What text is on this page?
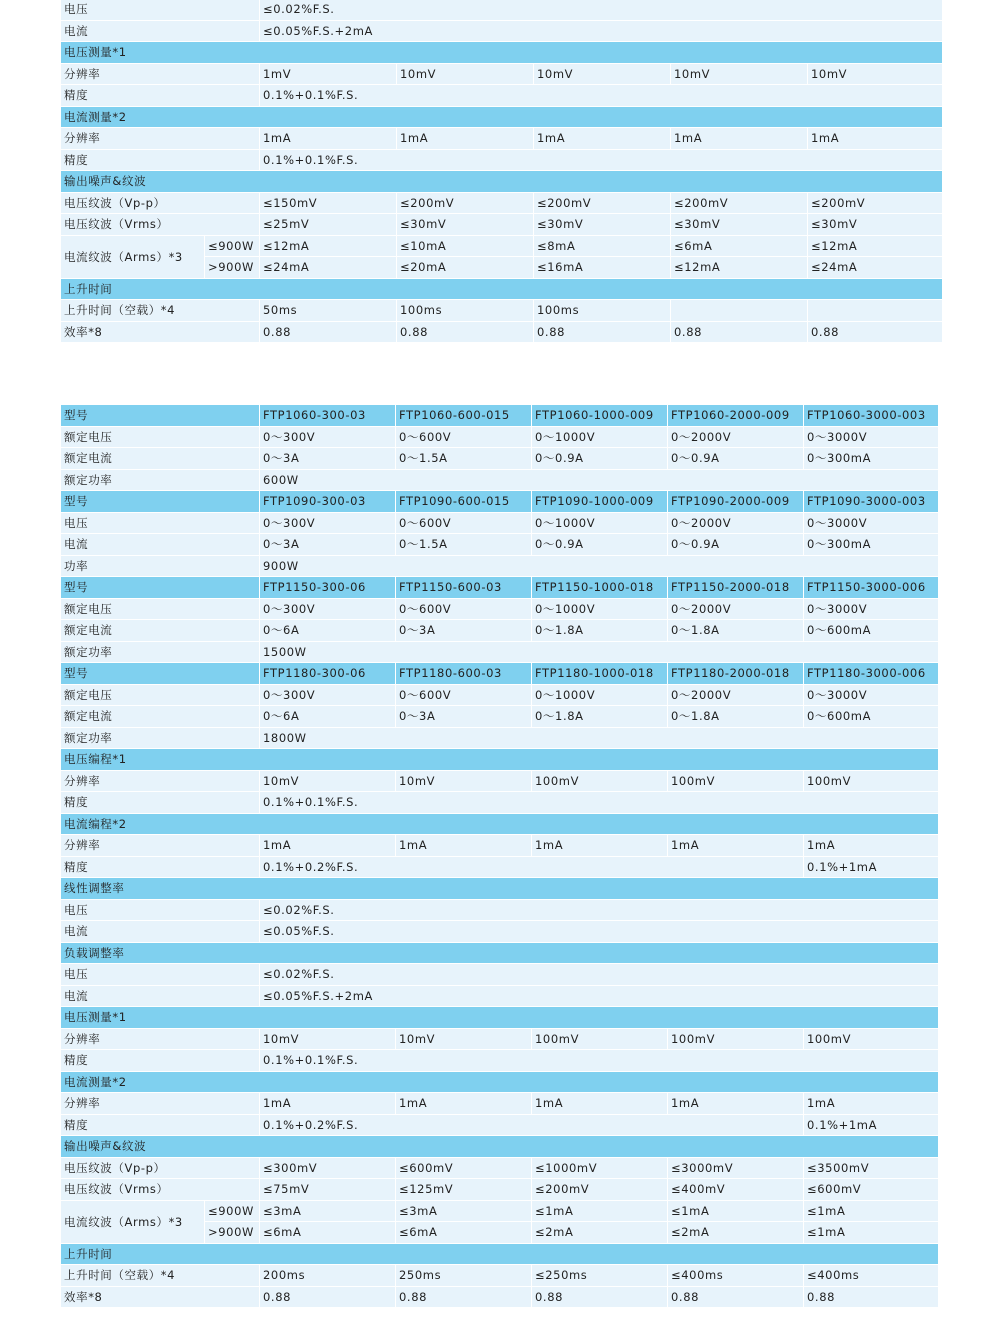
电压		≤0.02%F.S.				
电流		≤0.05%F.S.+2mA				
电压测量*1						
分辨率		1mV	10mV	10mV	10mV	10mV
精度		0.1%+0.1%F.S.				
电流测量*2						
分辨率		1mA	1mA	1mA	1mA	1mA
精度		0.1%+0.1%F.S.				
输出噪声&纹波						
电压纹波（Vp-p）		≤150mV	≤200mV	≤200mV	≤200mV	≤200mV
电压纹波（Vrms）		≤25mV	≤30mV	≤30mV	≤30mV	≤30mV
电流纹波（Arms）*3	≤900W	≤12mA	≤10mA	≤8mA	≤6mA	≤12mA
	>900W	≤24mA	≤20mA	≤16mA	≤12mA	≤24mA
上升时间						
上升时间（空载）*4		50ms	100ms	100ms		
效率*8		0.88	0.88	0.88	0.88	0.88
型号		FTP1060-300-03	FTP1060-600-015	FTP1060-1000-009	FTP1060-2000-009	FTP1060-3000-003
额定电压		0～300V	0～600V	0～1000V	0～2000V	0～3000V
额定电流		0～3A	0～1.5A	0～0.9A	0～0.9A	0～300mA
额定功率		600W				
型号		FTP1090-300-03	FTP1090-600-015	FTP1090-1000-009	FTP1090-2000-009	FTP1090-3000-003
电压		0～300V	0～600V	0～1000V	0～2000V	0～3000V
电流		0～3A	0～1.5A	0～0.9A	0～0.9A	0～300mA
功率		900W				
型号		FTP1150-300-06	FTP1150-600-03	FTP1150-1000-018	FTP1150-2000-018	FTP1150-3000-006
额定电压		0～300V	0～600V	0～1000V	0～2000V	0～3000V
额定电流		0～6A	0～3A	0～1.8A	0～1.8A	0～600mA
额定功率		1500W				
型号		FTP1180-300-06	FTP1180-600-03	FTP1180-1000-018	FTP1180-2000-018	FTP1180-3000-006
额定电压		0～300V	0～600V	0～1000V	0～2000V	0～3000V
额定电流		0～6A	0～3A	0～1.8A	0～1.8A	0～600mA
额定功率		1800W				
电压编程*1						
分辨率		10mV	10mV	100mV	100mV	100mV
精度		0.1%+0.1%F.S.				
电流编程*2						
分辨率		1mA	1mA	1mA	1mA	1mA
精度		0.1%+0.2%F.S.				0.1%+1mA
线性调整率						
电压		≤0.02%F.S.				
电流		≤0.05%F.S.				
负载调整率						
电压		≤0.02%F.S.				
电流		≤0.05%F.S.+2mA				
电压测量*1						
分辨率		10mV	10mV	100mV	100mV	100mV
精度		0.1%+0.1%F.S.				
电流测量*2						
分辨率		1mA	1mA	1mA	1mA	1mA
精度		0.1%+0.2%F.S.				0.1%+1mA
输出噪声&纹波						
电压纹波（Vp-p）		≤300mV	≤600mV	≤1000mV	≤3000mV	≤3500mV
电压纹波（Vrms）		≤75mV	≤125mV	≤200mV	≤400mV	≤600mV
电流纹波（Arms）*3	≤900W	≤3mA	≤3mA	≤1mA	≤1mA	≤1mA
	>900W	≤6mA	≤6mA	≤2mA	≤2mA	≤1mA
上升时间						
上升时间（空载）*4		200ms	250ms	≤250ms	≤400ms	≤400ms
效率*8		0.88	0.88	0.88	0.88	0.88
